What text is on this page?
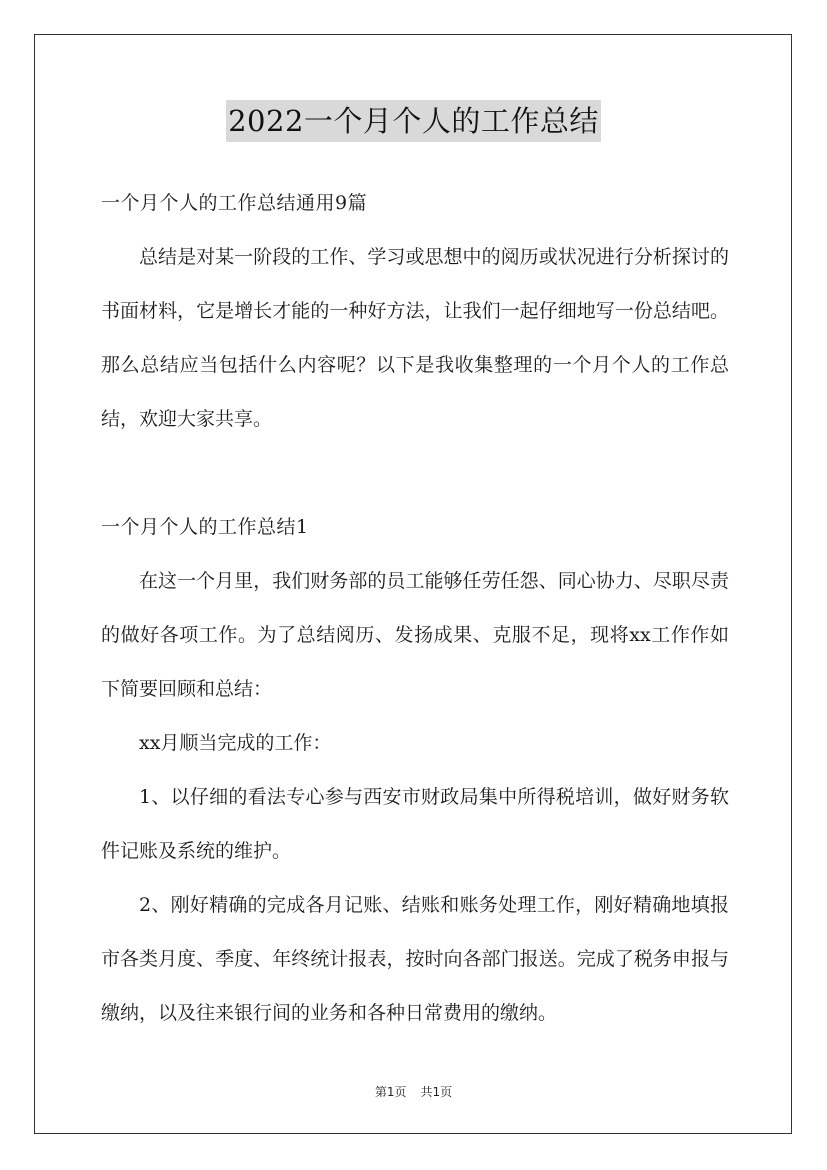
2022一个月个人的工作总结

一个月个人的工作总结通用9篇

总结是对某一阶段的工作、学习或思想中的阅历或状况进行分析探讨的书面材料，它是增长才能的一种好方法，让我们一起仔细地写一份总结吧。那么总结应当包括什么内容呢？以下是我收集整理的一个月个人的工作总结，欢迎大家共享。

一个月个人的工作总结1

在这一个月里，我们财务部的员工能够任劳任怨、同心协力、尽职尽责的做好各项工作。为了总结阅历、发扬成果、克服不足，现将xx工作作如下简要回顾和总结：

xx月顺当完成的工作：

1、以仔细的看法专心参与西安市财政局集中所得税培训，做好财务软件记账及系统的维护。

2、刚好精确的完成各月记账、结账和账务处理工作，刚好精确地填报市各类月度、季度、年终统计报表，按时向各部门报送。完成了税务申报与缴纳，以及往来银行间的业务和各种日常费用的缴纳。

第1页 共1页
